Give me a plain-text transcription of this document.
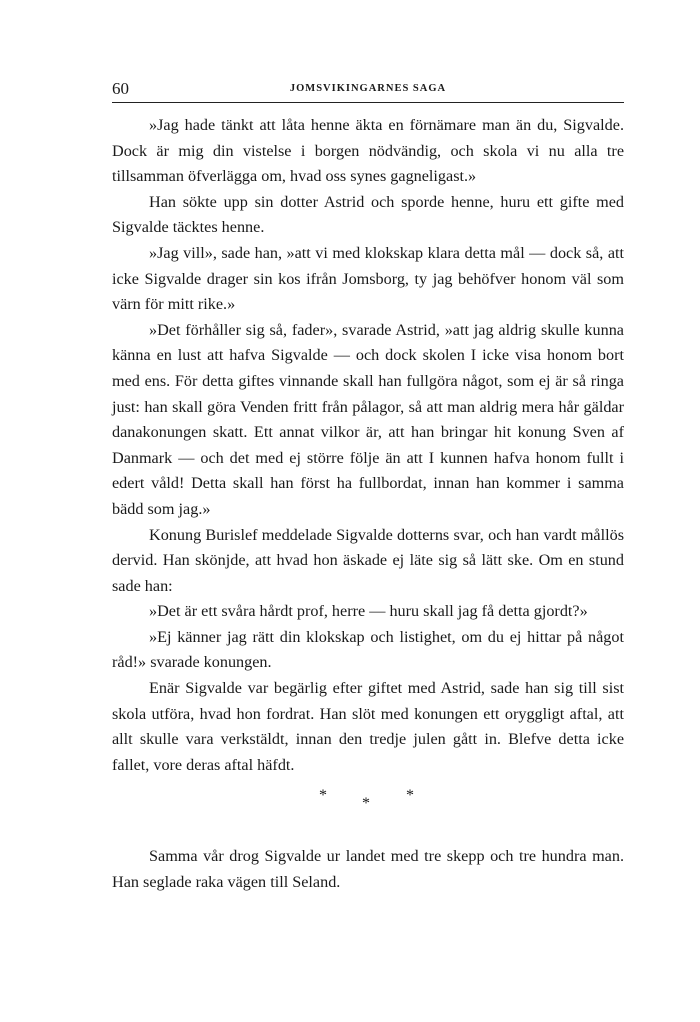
60	JOMSVIKINGARNES SAGA

»Jag hade tänkt att låta henne äkta en förnämare man än du, Sigvalde. Dock är mig din vistelse i borgen nödvändig, och skola vi nu alla tre tillsamman öfverlägga om, hvad oss synes gagneligast.»

Han sökte upp sin dotter Astrid och sporde henne, huru ett gifte med Sigvalde täcktes henne.

»Jag vill», sade han, »att vi med klokskap klara detta mål — dock så, att icke Sigvalde drager sin kos ifrån Jomsborg, ty jag behöfver honom väl som värn för mitt rike.»

»Det förhåller sig så, fader», svarade Astrid, »att jag aldrig skulle kunna känna en lust att hafva Sigvalde — och dock skolen I icke visa honom bort med ens. För detta giftes vinnande skall han fullgöra något, som ej är så ringa just: han skall göra Venden fritt från pålagor, så att man aldrig mera hår gäldar danakonungen skatt. Ett annat vilkor är, att han bringar hit konung Sven af Danmark — och det med ej större följe än att I kunnen hafva honom fullt i edert våld! Detta skall han först ha fullbordat, innan han kommer i samma bädd som jag.»

Konung Burislef meddelade Sigvalde dotterns svar, och han vardt mållös dervid. Han skönjde, att hvad hon äskade ej läte sig så lätt ske. Om en stund sade han:

»Det är ett svåra hårdt prof, herre — huru skall jag få detta gjordt?»

»Ej känner jag rätt din klokskap och listighet, om du ej hittar på något råd!» svarade konungen.

Enär Sigvalde var begärlig efter giftet med Astrid, sade han sig till sist skola utföra, hvad hon fordrat. Han slöt med konungen ett oryggligt aftal, att allt skulle vara verkstäldt, innan den tredje julen gått in. Blefve detta icke fallet, vore deras aftal häfdt.

* * *

Samma vår drog Sigvalde ur landet med tre skepp och tre hundra man. Han seglade raka vägen till Seland.
